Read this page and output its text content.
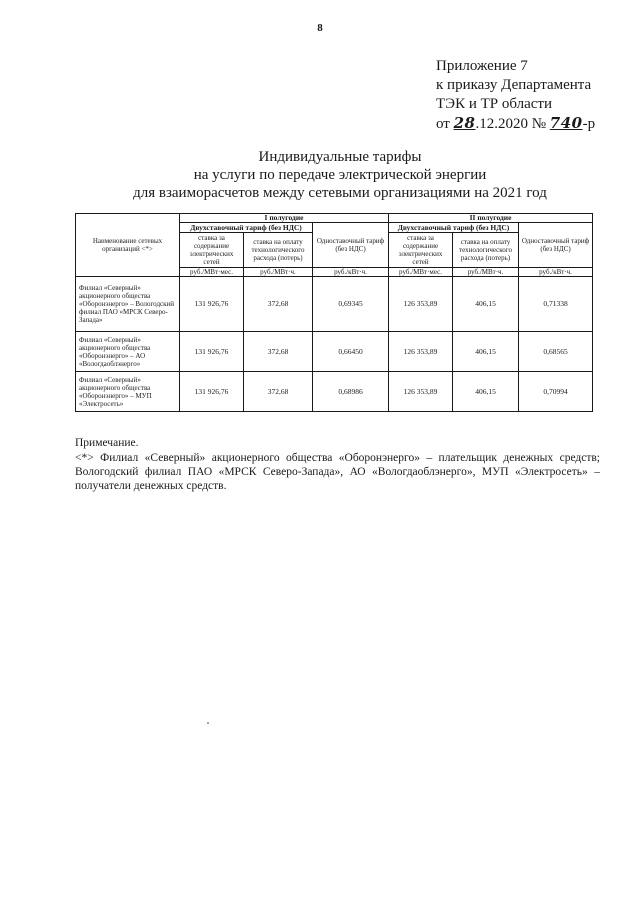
8
Приложение 7
к приказу Департамента
ТЭК и ТР области
от 28.12.2020 № 740-р
Индивидуальные тарифы
на услуги по передаче электрической энергии
для взаиморасчетов между сетевыми организациями на 2021 год
Наименование сетевых организаций <*>	I полугодие			II полугодие		
	Двухставочный тариф (без НДС)		Одноставочный тариф (без НДС)	Двухставочный тариф (без НДС)		Одноставочный тариф (без НДС)
	ставка за содержание электрических сетей	ставка на оплату технологического расхода (потерь)		ставка за содержание электрических сетей	ставка на оплату технологического расхода (потерь)	
	руб./МВт·мес.	руб./МВт·ч.	руб./кВт·ч.	руб./МВт·мес.	руб./МВт·ч.	руб./кВт·ч.
Филиал «Северный» акционерного общества «Оборонэнерго» – Вологодский филиал ПАО «МРСК Северо-Запада»	131 926,76	372,68	0,69345	126 353,89	406,15	0,71338
Филиал «Северный» акционерного общества «Оборонэнерго» – АО «Вологдаоблэнерго»	131 926,76	372,68	0,66450	126 353,89	406,15	0,68565
Филиал «Северный» акционерного общества «Оборонэнерго» – МУП «Электросеть»	131 926,76	372,68	0,68986	126 353,89	406,15	0,70994
Примечание.
<*> Филиал «Северный» акционерного общества «Оборонэнерго» – плательщик денежных средств; Вологодский филиал ПАО «МРСК Северо-Запада», АО «Вологдаоблэнерго», МУП «Электросеть» – получатели денежных средств.
